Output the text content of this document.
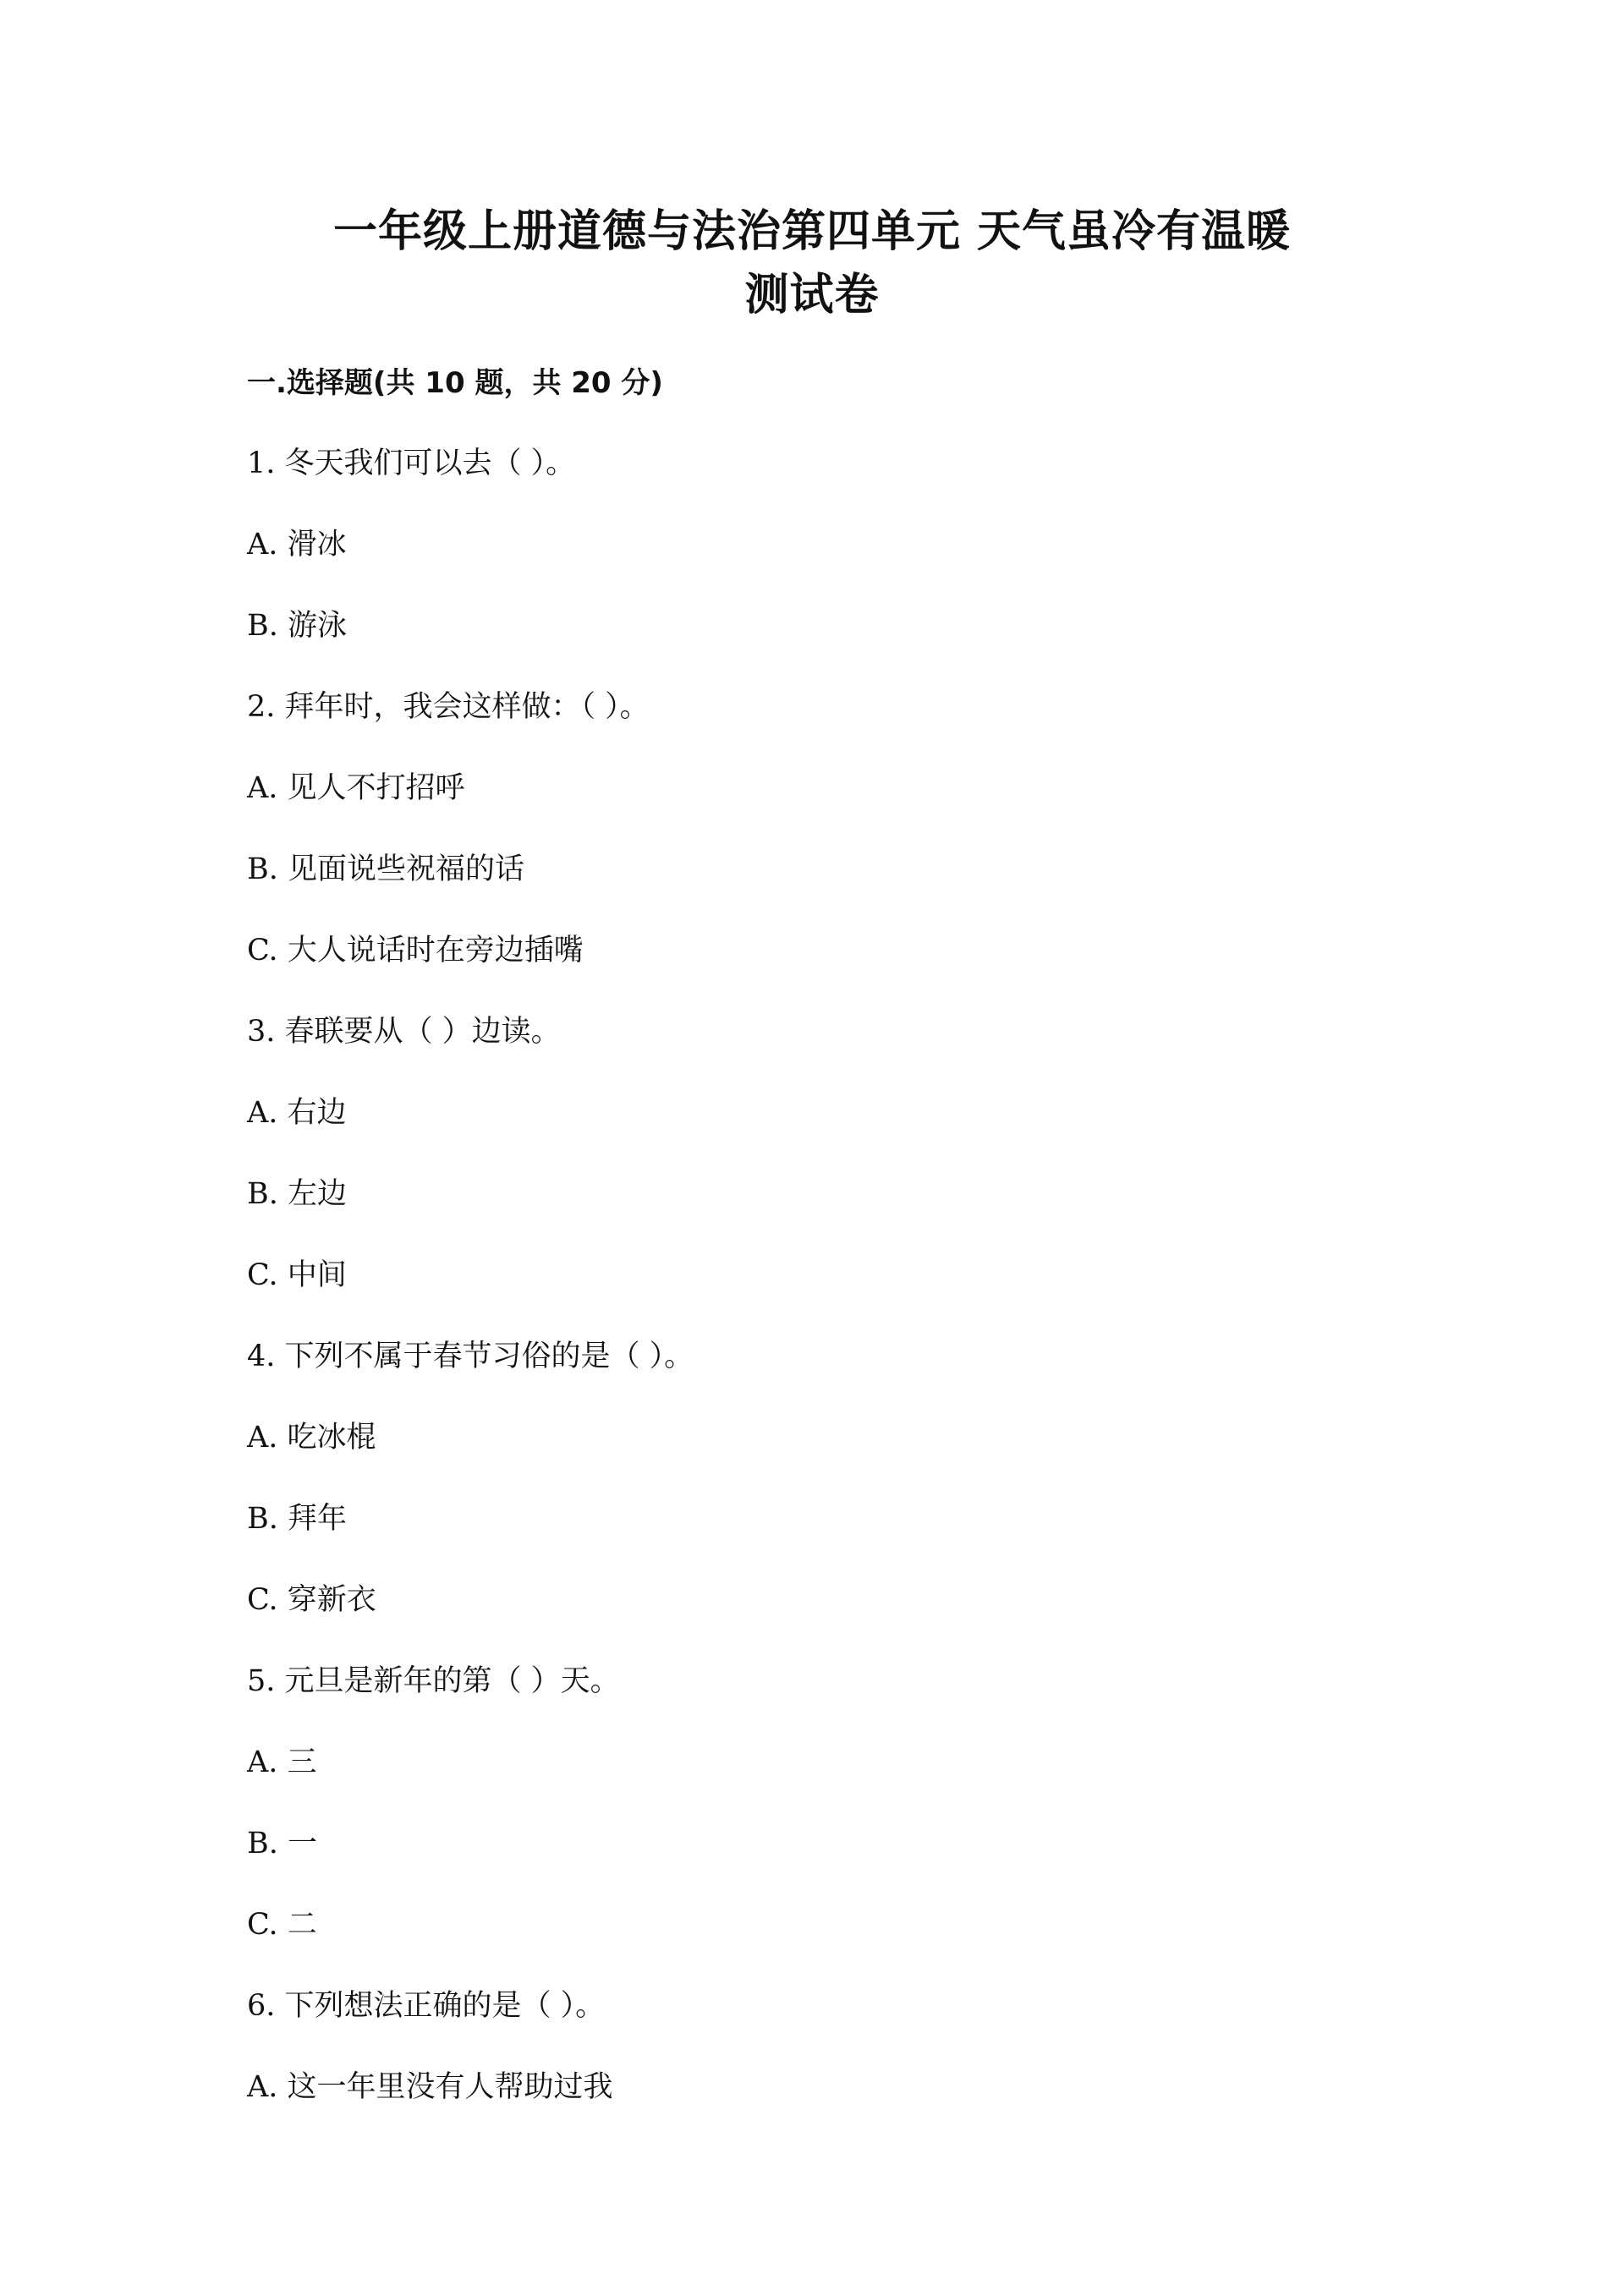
一年级上册道德与法治第四单元 天气虽冷有温暖
测试卷
一.选择题(共 10 题，共 20 分)
1. 冬天我们可以去（ ）。
A. 滑冰
B. 游泳
2. 拜年时，我会这样做：（ ）。
A. 见人不打招呼
B. 见面说些祝福的话
C. 大人说话时在旁边插嘴
3. 春联要从（ ）边读。
A. 右边
B. 左边
C. 中间
4. 下列不属于春节习俗的是（ ）。
A. 吃冰棍
B. 拜年
C. 穿新衣
5. 元旦是新年的第（ ）天。
A. 三
B. 一
C. 二
6. 下列想法正确的是（ ）。
A. 这一年里没有人帮助过我
